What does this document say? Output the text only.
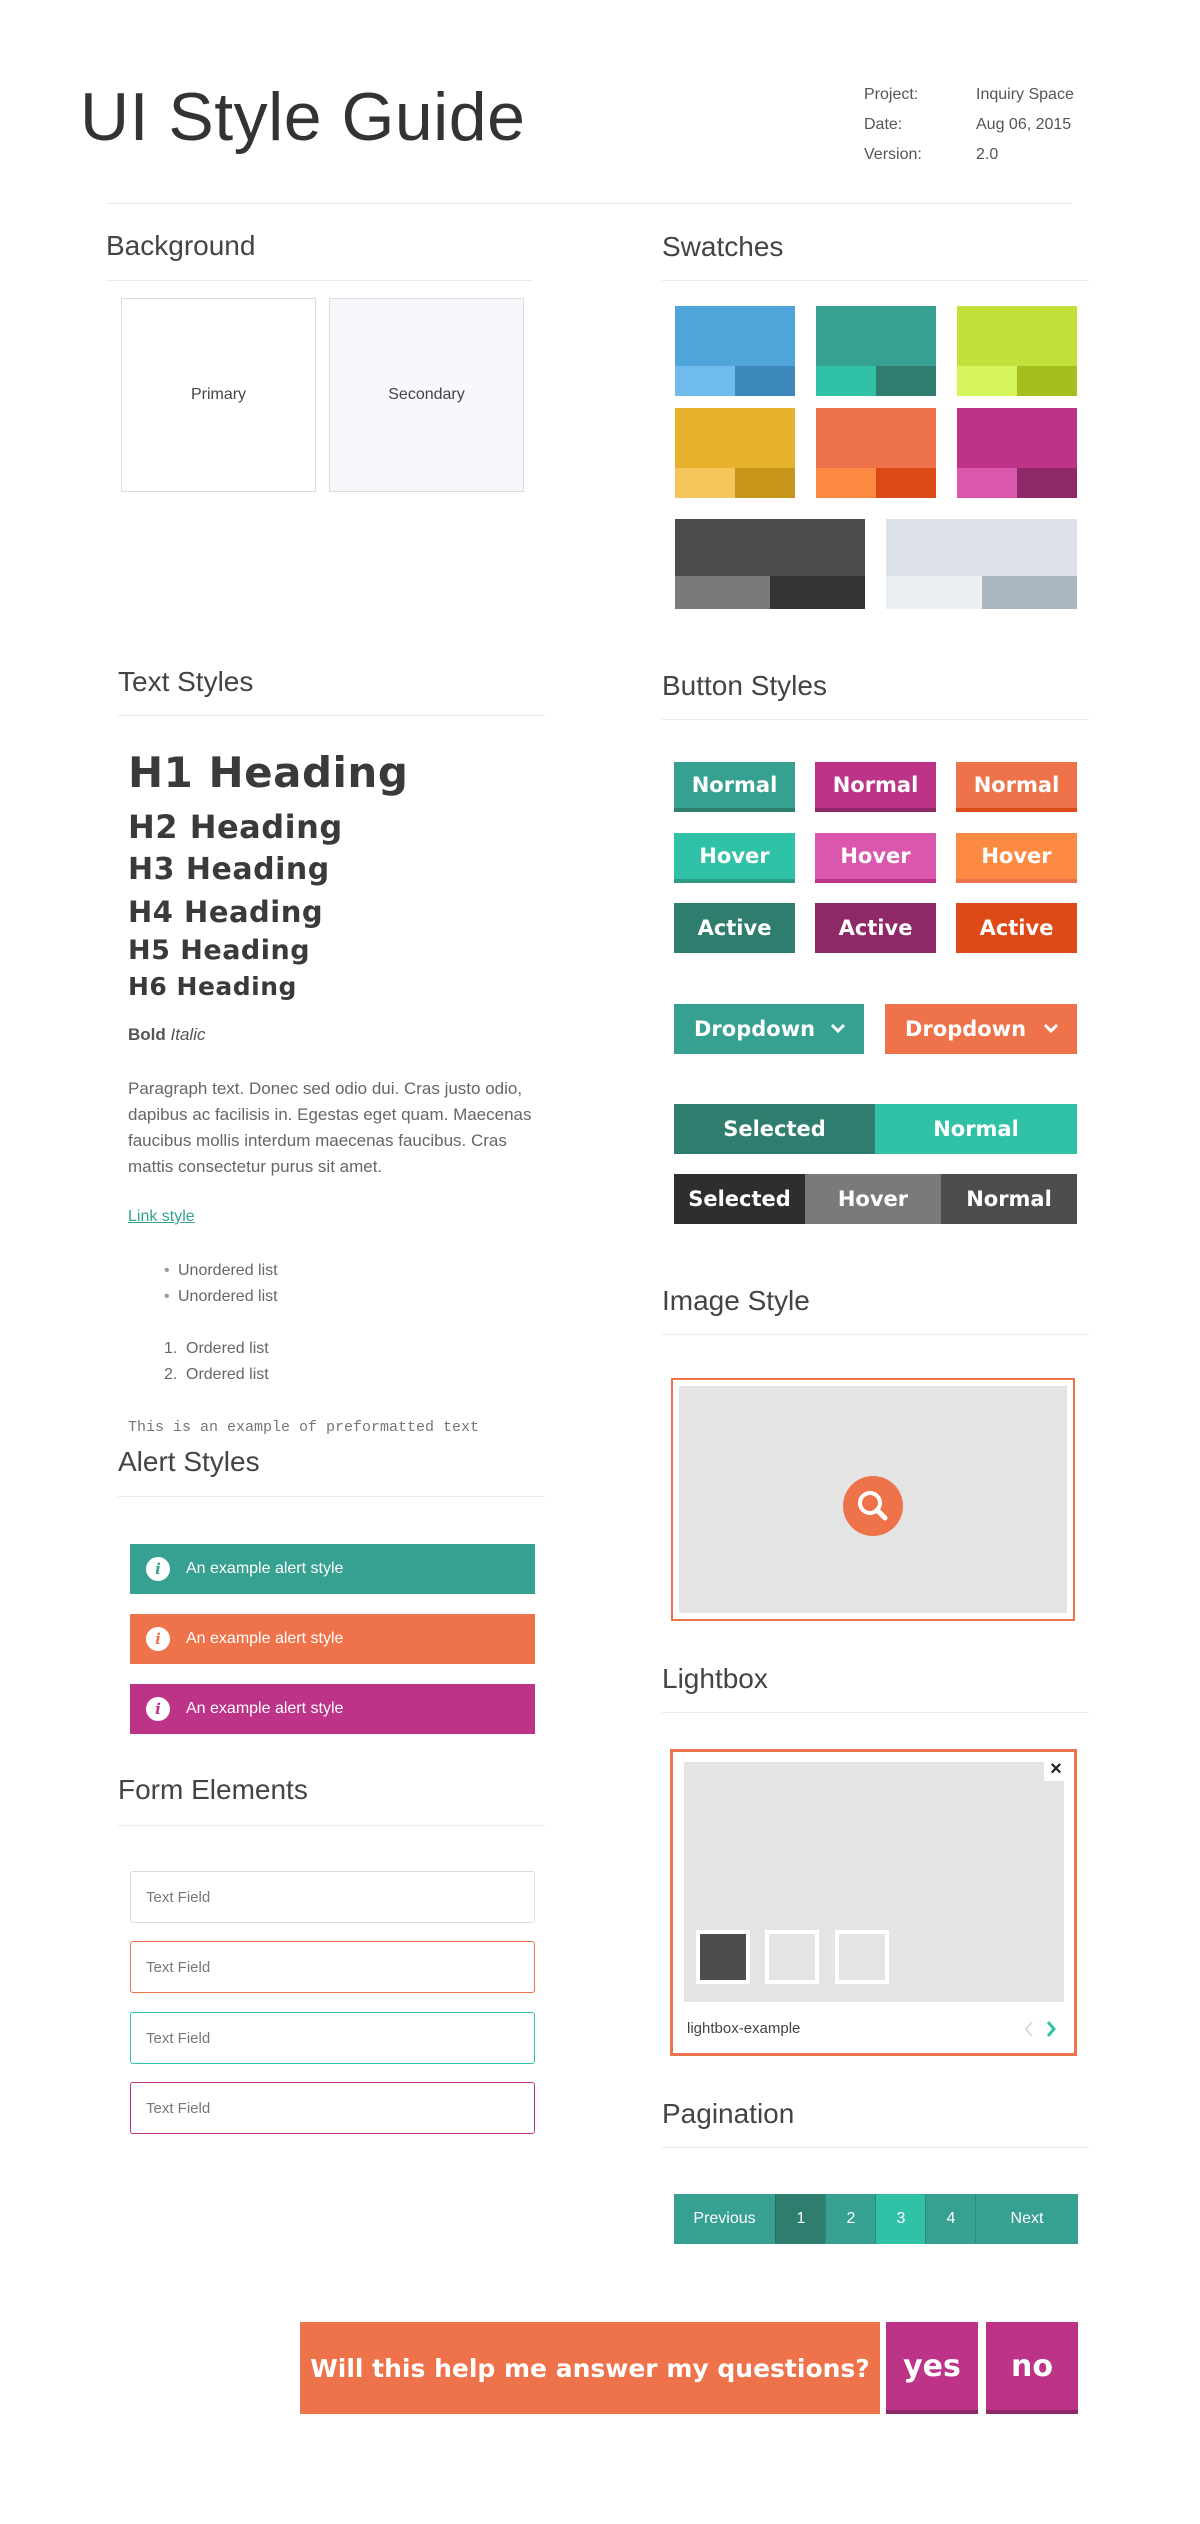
UI Style Guide	Project:	Inquiry Space
Date:	Aug 06, 2015
Version:	2.0
Background
Primary	Secondary
Swatches
Text Styles
H1 Heading
H2 Heading
H3 Heading
H4 Heading
H5 Heading
H6 Heading
Bold Italic
Paragraph text. Donec sed odio dui. Cras justo odio, dapibus ac facilisis in. Egestas eget quam. Maecenas faucibus mollis interdum maecenas faucibus. Cras mattis consectetur purus sit amet.
Link style
• Unordered list
• Unordered list
1. Ordered list
2. Ordered list
This is an example of preformatted text
Alert Styles
i	An example alert style
i	An example alert style
i	An example alert style
Form Elements
Text Field
Text Field
Text Field
Text Field
Button Styles
Normal	Normal	Normal
Hover	Hover	Hover
Active	Active	Active
Dropdown	Dropdown
Selected	Normal
Selected	Hover	Normal
Image Style
Lightbox
×
lightbox-example
Pagination
Previous	1	2	3	4	Next
Will this help me answer my questions?	yes	no
